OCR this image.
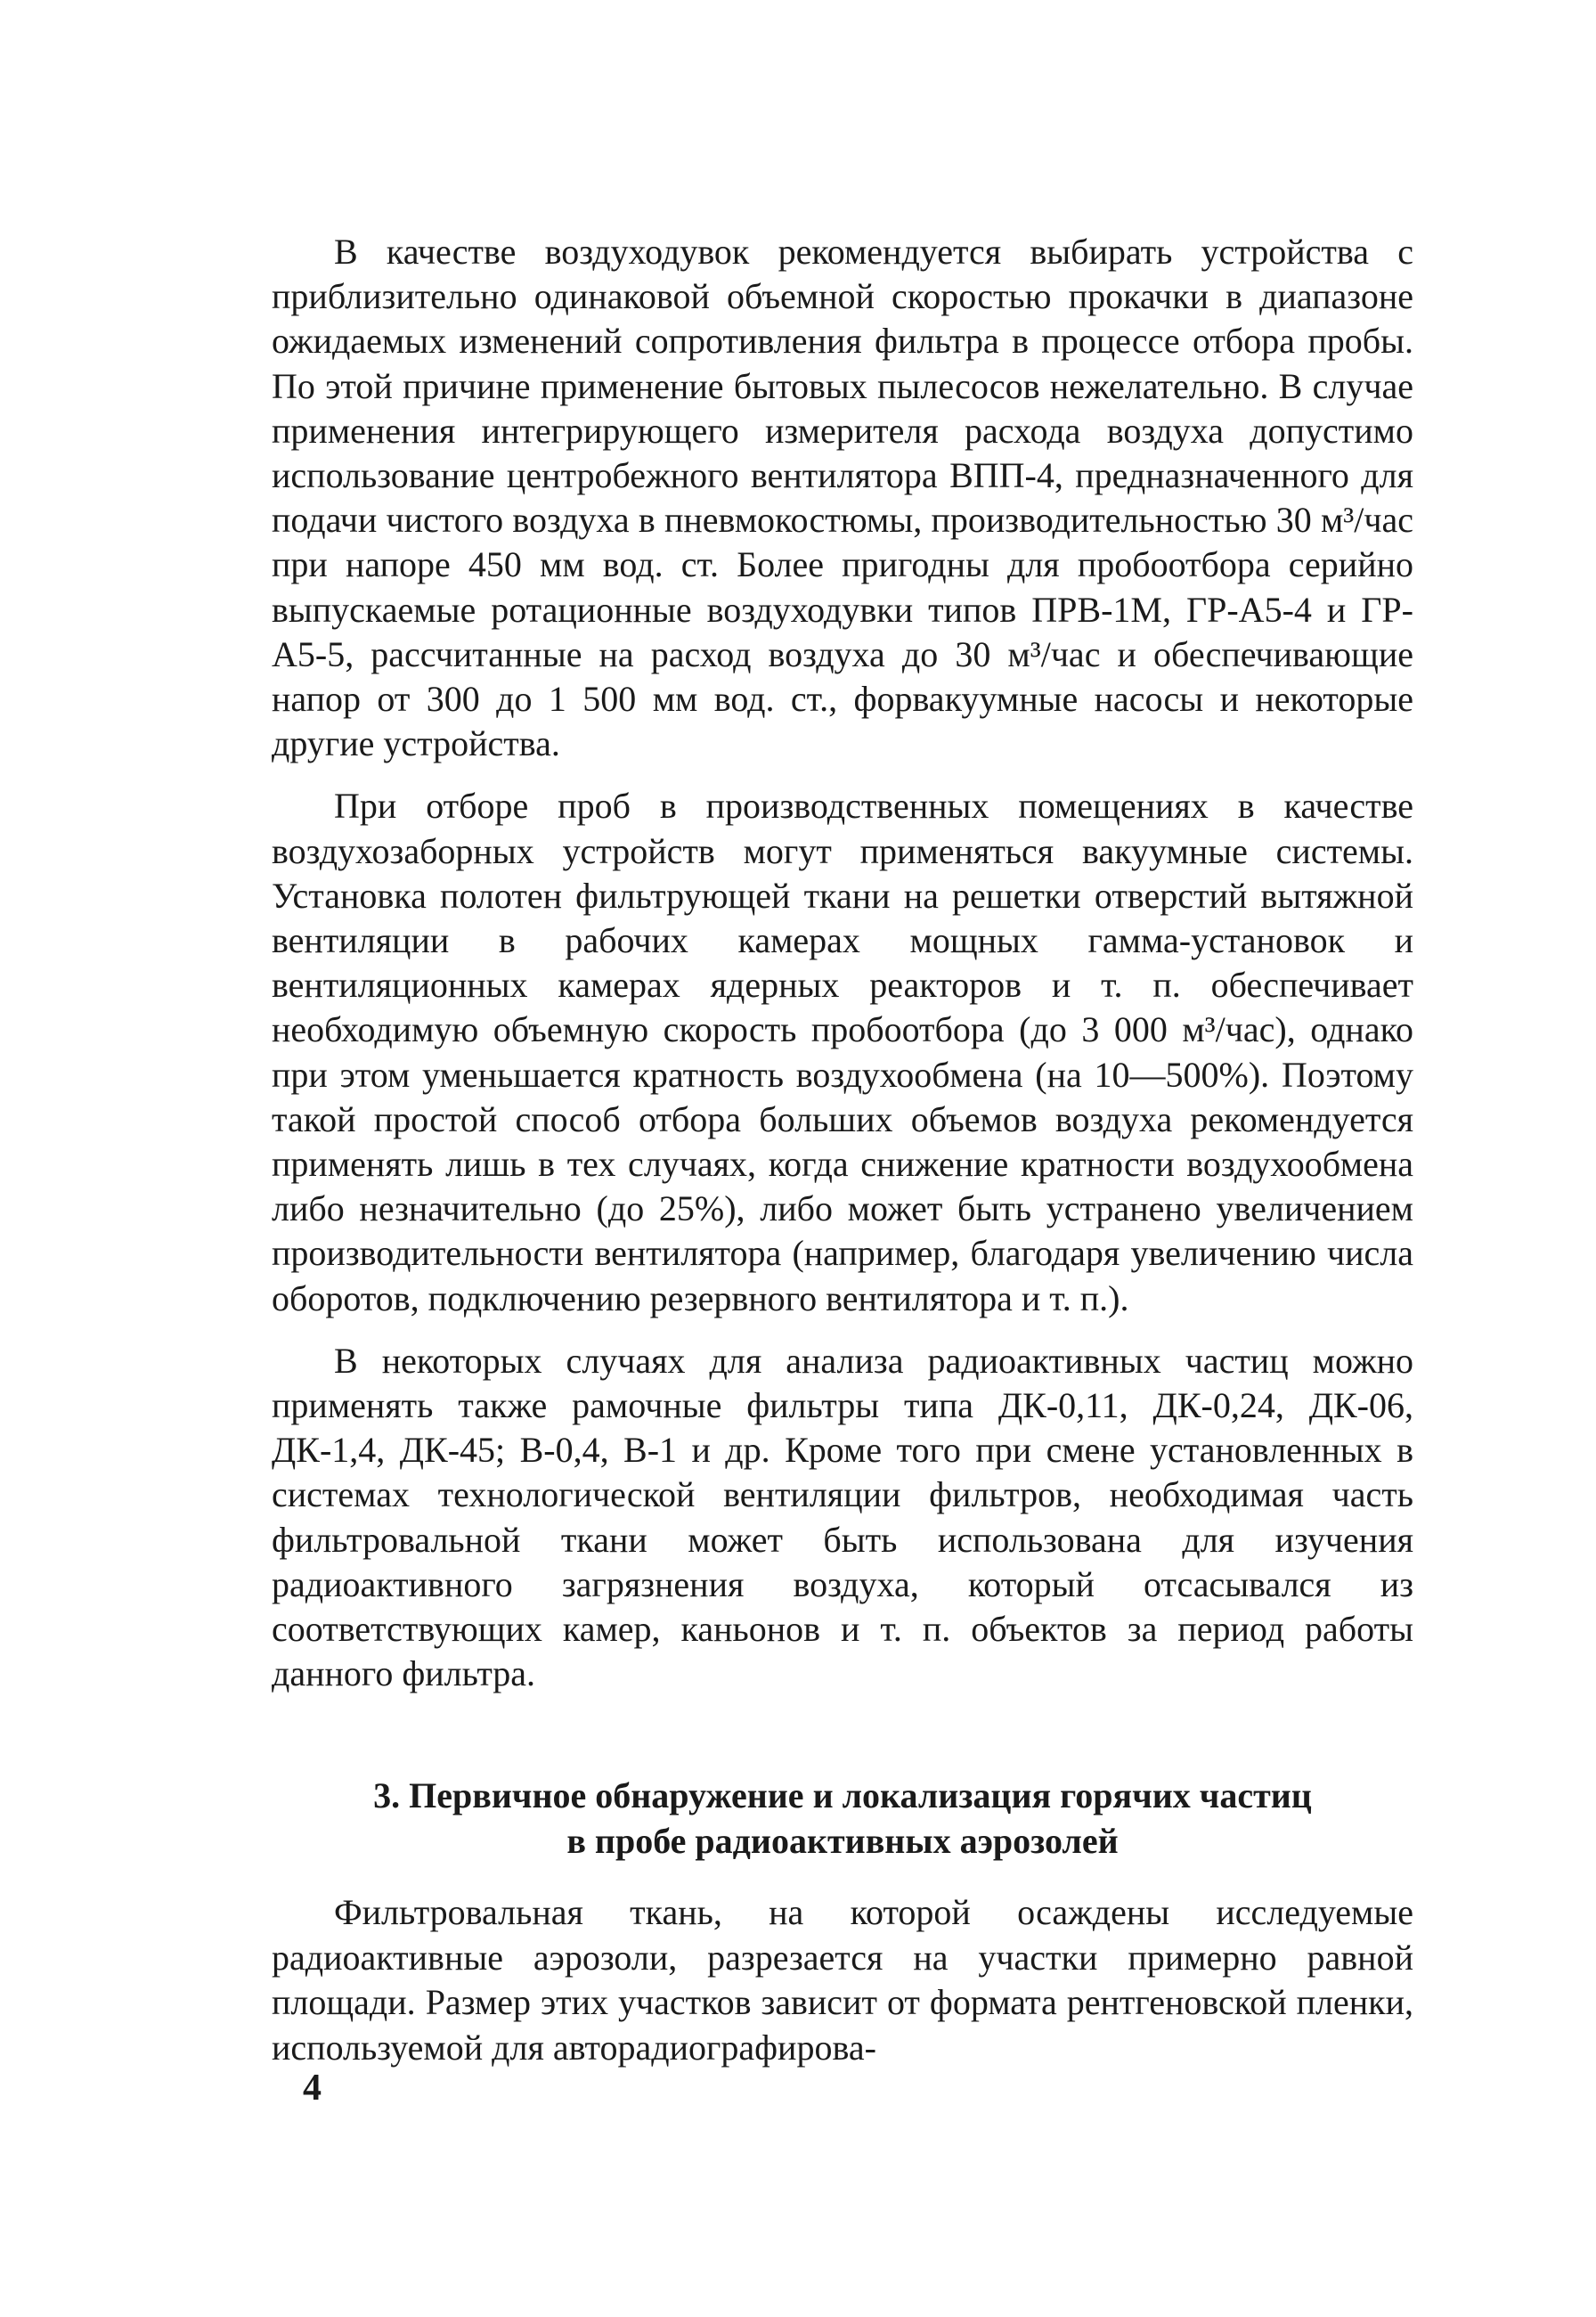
В качестве воздуходувок рекомендуется выбирать устройства с приблизительно одинаковой объемной скоростью прокачки в диапазоне ожидаемых изменений сопротивления фильтра в процессе отбора пробы. По этой причине применение бытовых пылесосов нежелательно. В случае применения интегрирующего измерителя расхода воздуха допустимо использование центробежного вентилятора ВПП-4, предназначенного для подачи чистого воздуха в пневмокостюмы, производительностью 30 м³/час при напоре 450 мм вод. ст. Более пригодны для пробоотбора серийно выпускаемые ротационные воздуходувки типов ПРВ-1М, ГР-А5-4 и ГР-А5-5, рассчитанные на расход воздуха до 30 м³/час и обеспечивающие напор от 300 до 1 500 мм вод. ст., форвакуумные насосы и некоторые другие устройства.

При отборе проб в производственных помещениях в качестве воздухозаборных устройств могут применяться вакуумные системы. Установка полотен фильтрующей ткани на решетки отверстий вытяжной вентиляции в рабочих камерах мощных гамма-установок и вентиляционных камерах ядерных реакторов и т. п. обеспечивает необходимую объемную скорость пробоотбора (до 3 000 м³/час), однако при этом уменьшается кратность воздухообмена (на 10—500%). Поэтому такой простой способ отбора больших объемов воздуха рекомендуется применять лишь в тех случаях, когда снижение кратности воздухообмена либо незначительно (до 25%), либо может быть устранено увеличением производительности вентилятора (например, благодаря увеличению числа оборотов, подключению резервного вентилятора и т. п.).

В некоторых случаях для анализа радиоактивных частиц можно применять также рамочные фильтры типа ДК-0,11, ДК-0,24, ДК-06, ДК-1,4, ДК-45; В-0,4, В-1 и др. Кроме того при смене установленных в системах технологической вентиляции фильтров, необходимая часть фильтровальной ткани может быть использована для изучения радиоактивного загрязнения воздуха, который отсасывался из соответствующих камер, каньонов и т. п. объектов за период работы данного фильтра.

3. Первичное обнаружение и локализация горячих частиц
в пробе радиоактивных аэрозолей

Фильтровальная ткань, на которой осаждены исследуемые радиоактивные аэрозоли, разрезается на участки примерно равной площади. Размер этих участков зависит от формата рентгеновской пленки, используемой для авторадиографирова-

4
